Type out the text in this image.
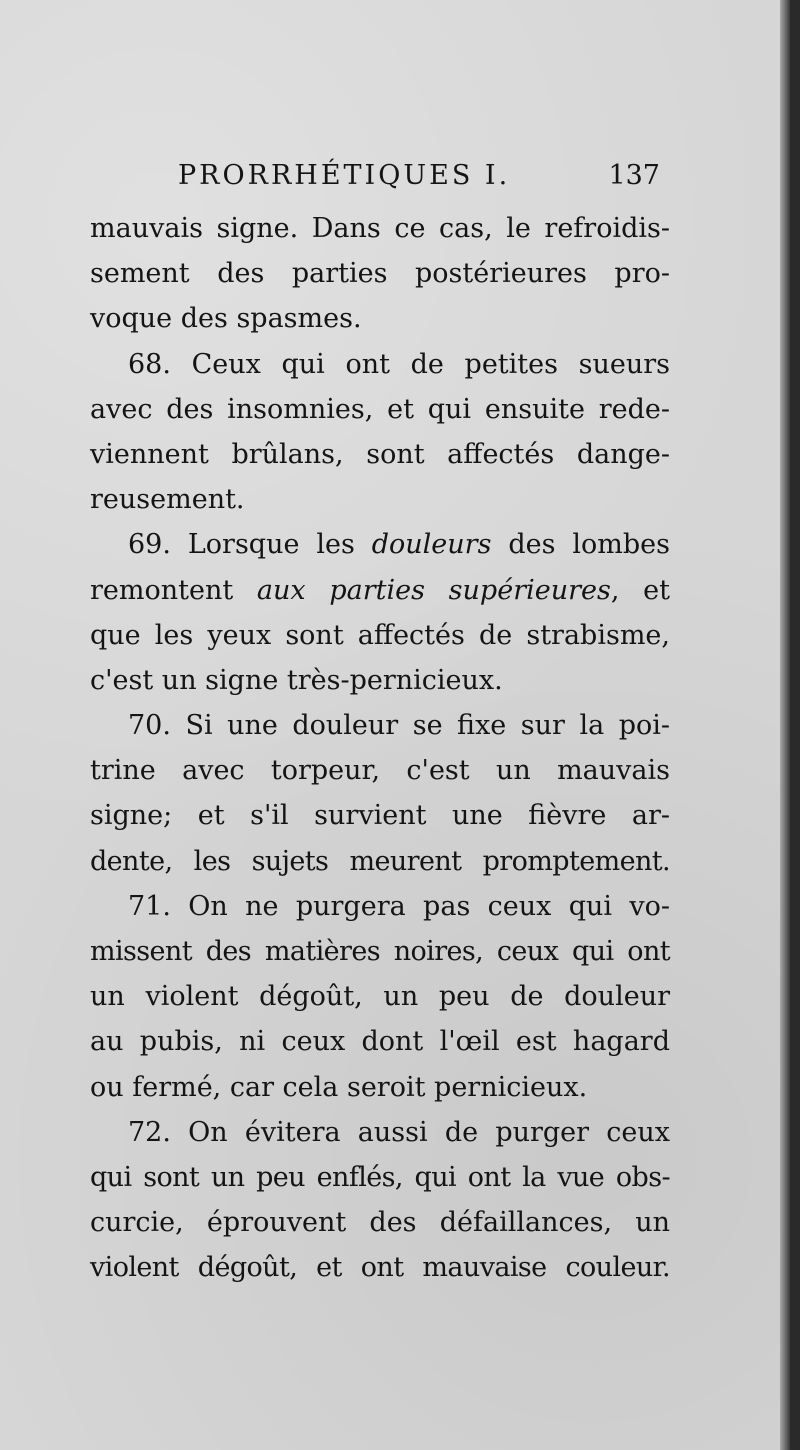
PRORRHÉTIQUES I.	137
mauvais signe. Dans ce cas, le refroidis-
sement des parties postérieures pro-
voque des spasmes.
68. Ceux qui ont de petites sueurs
avec des insomnies, et qui ensuite rede-
viennent brûlans, sont affectés dange-
reusement.
69. Lorsque les douleurs des lombes
remontent aux parties supérieures, et
que les yeux sont affectés de strabisme,
c'est un signe très-pernicieux.
70. Si une douleur se fixe sur la poi-
trine avec torpeur, c'est un mauvais
signe; et s'il survient une fièvre ar-
dente, les sujets meurent promptement.
71. On ne purgera pas ceux qui vo-
missent des matières noires, ceux qui ont
un violent dégoût, un peu de douleur
au pubis, ni ceux dont l'œil est hagard
ou fermé, car cela seroit pernicieux.
72. On évitera aussi de purger ceux
qui sont un peu enflés, qui ont la vue obs-
curcie, éprouvent des défaillances, un
violent dégoût, et ont mauvaise couleur.
